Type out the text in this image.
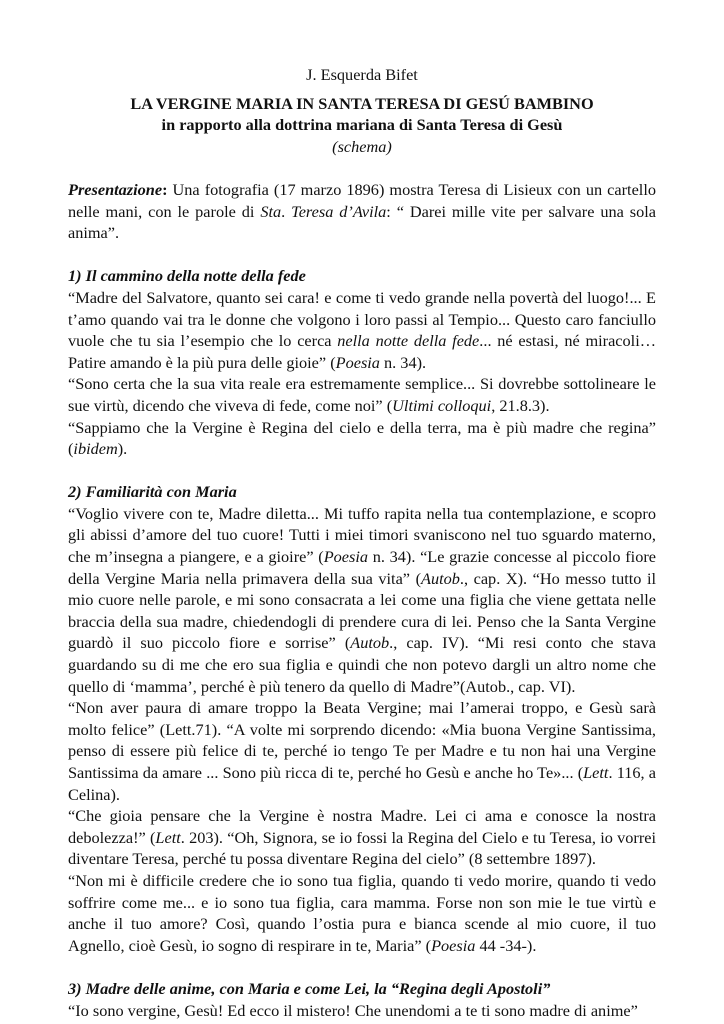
J. Esquerda Bifet
LA VERGINE MARIA IN SANTA TERESA DI GESÚ BAMBINO
in rapporto alla dottrina mariana di Santa Teresa di Gesù
(schema)

Presentazione: Una fotografia (17 marzo 1896) mostra Teresa di Lisieux con un cartello nelle mani, con le parole di Sta. Teresa d’Avila: “ Darei mille vite per salvare una sola anima”.

1) Il cammino della notte della fede

“Madre del Salvatore, quanto sei cara! e come ti vedo grande nella povertà del luogo!... E t’amo quando vai tra le donne che volgono i loro passi al Tempio... Questo caro fanciullo vuole che tu sia l’esempio che lo cerca nella notte della fede... né estasi, né miracoli… Patire amando è la più pura delle gioie” (Poesia n. 34).

“Sono certa che la sua vita reale era estremamente semplice... Si dovrebbe sottolineare le sue virtù, dicendo che viveva di fede, come noi” (Ultimi colloqui, 21.8.3).

“Sappiamo che la Vergine è Regina del cielo e della terra, ma è più madre che regina” (ibidem).

2) Familiarità con Maria

“Voglio vivere con te, Madre diletta... Mi tuffo rapita nella tua contemplazione, e scopro gli abissi d’amore del tuo cuore! Tutti i miei timori svaniscono nel tuo sguardo materno, che m’insegna a piangere, e a gioire” (Poesia n. 34). “Le grazie concesse al piccolo fiore della Vergine Maria nella primavera della sua vita” (Autob., cap. X). “Ho messo tutto il mio cuore nelle parole, e mi sono consacrata a lei come una figlia che viene gettata nelle braccia della sua madre, chiedendogli di prendere cura di lei. Penso che la Santa Vergine guardò il suo piccolo fiore e sorrise” (Autob., cap. IV). “Mi resi conto che stava guardando su di me che ero sua figlia e quindi che non potevo dargli un altro nome che quello di ‘mamma’, perché è più tenero da quello di Madre”(Autob., cap. VI).

“Non aver paura di amare troppo la Beata Vergine; mai l’amerai troppo, e Gesù sarà molto felice” (Lett.71). “A volte mi sorprendo dicendo: «Mia buona Vergine Santissima, penso di essere più felice di te, perché io tengo Te per Madre e tu non hai una Vergine Santissima da amare ... Sono più ricca di te, perché ho Gesù e anche ho Te»... (Lett. 116, a Celina).

“Che gioia pensare che la Vergine è nostra Madre. Lei ci ama e conosce la nostra debolezza!” (Lett. 203). “Oh, Signora, se io fossi la Regina del Cielo e tu Teresa, io vorrei diventare Teresa, perché tu possa diventare Regina del cielo” (8 settembre 1897).

“Non mi è difficile credere che io sono tua figlia, quando ti vedo morire, quando ti vedo soffrire come me... e io sono tua figlia, cara mamma. Forse non son mie le tue virtù e anche il tuo amore? Così, quando l’ostia pura e bianca scende al mio cuore, il tuo Agnello, cioè Gesù, io sogno di respirare in te, Maria” (Poesia 44 -34-).

3) Madre delle anime, con Maria e come Lei, la “Regina degli Apostoli”

“Io sono vergine, Gesù! Ed ecco il mistero! Che unendomi a te ti sono madre di anime”
